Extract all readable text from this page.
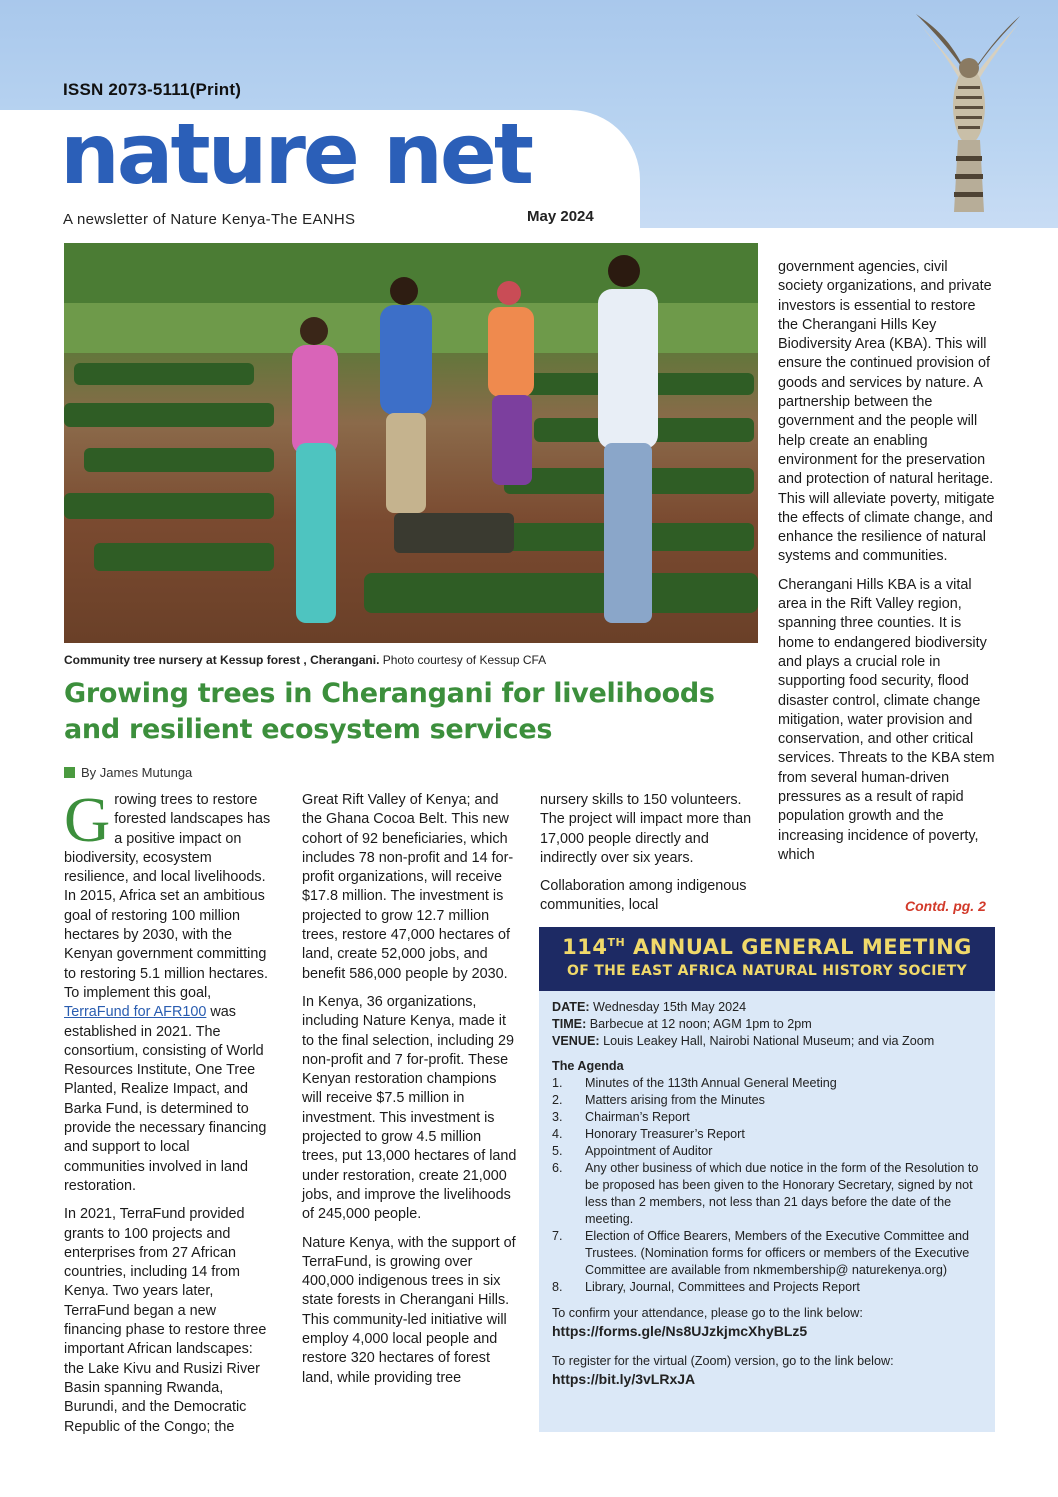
ISSN 2073-5111(Print)
nature net
A newsletter of Nature Kenya-The EANHS	May 2024
Community tree nursery at Kessup forest , Cherangani. Photo courtesy of Kessup CFA
Growing trees in Cherangani for livelihoods and resilient ecosystem services
By James Mutunga

Growing trees to restore forested landscapes has a positive impact on biodiversity, ecosystem resilience, and local livelihoods. In 2015, Africa set an ambitious goal of restoring 100 million hectares by 2030, with the Kenyan government committing to restoring 5.1 million hectares. To implement this goal, TerraFund for AFR100 was established in 2021. The consortium, consisting of World Resources Institute, One Tree Planted, Realize Impact, and Barka Fund, is determined to provide the necessary financing and support to local communities involved in land restoration.

In 2021, TerraFund provided grants to 100 projects and enterprises from 27 African countries, including 14 from Kenya. Two years later, TerraFund began a new financing phase to restore three important African landscapes: the Lake Kivu and Rusizi River Basin spanning Rwanda, Burundi, and the Democratic Republic of the Congo; the

Great Rift Valley of Kenya; and the Ghana Cocoa Belt. This new cohort of 92 beneficiaries, which includes 78 non-profit and 14 for-profit organizations, will receive $17.8 million. The investment is projected to grow 12.7 million trees, restore 47,000 hectares of land, create 52,000 jobs, and benefit 586,000 people by 2030.

In Kenya, 36 organizations, including Nature Kenya, made it to the final selection, including 29 non-profit and 7 for-profit. These Kenyan restoration champions will receive $7.5 million in investment. This investment is projected to grow 4.5 million trees, put 13,000 hectares of land under restoration, create 21,000 jobs, and improve the livelihoods of 245,000 people.

Nature Kenya, with the support of TerraFund, is growing over 400,000 indigenous trees in six state forests in Cherangani Hills. This community-led initiative will employ 4,000 local people and restore 320 hectares of forest land, while providing tree

nursery skills to 150 volunteers. The project will impact more than 17,000 people directly and indirectly over six years.

Collaboration among indigenous communities, local

government agencies, civil society organizations, and private investors is essential to restore the Cherangani Hills Key Biodiversity Area (KBA). This will ensure the continued provision of goods and services by nature. A partnership between the government and the people will help create an enabling environment for the preservation and protection of natural heritage. This will alleviate poverty, mitigate the effects of climate change, and enhance the resilience of natural systems and communities.

Cherangani Hills KBA is a vital area in the Rift Valley region, spanning three counties. It is home to endangered biodiversity and plays a crucial role in supporting food security, flood disaster control, climate change mitigation, water provision and conservation, and other critical services. Threats to the KBA stem from several human-driven pressures as a result of rapid population growth and the increasing incidence of poverty, which

Contd. pg. 2
114TH ANNUAL GENERAL MEETING
OF THE EAST AFRICA NATURAL HISTORY SOCIETY
DATE: Wednesday 15th May 2024
TIME: Barbecue at 12 noon; AGM 1pm to 2pm
VENUE: Louis Leakey Hall, Nairobi National Museum; and via Zoom
The Agenda
1.	Minutes of the 113th Annual General Meeting
2.	Matters arising from the Minutes
3.	Chairman’s Report
4.	Honorary Treasurer’s Report
5.	Appointment of Auditor
6.	Any other business of which due notice in the form of the Resolution to be proposed has been given to the Honorary Secretary, signed by not less than 2 members, not less than 21 days before the date of the meeting.
7.	Election of Office Bearers, Members of the Executive Committee and Trustees. (Nomination forms for officers or members of the Executive Committee are available from nkmembership@ naturekenya.org)
8.	Library, Journal, Committees and Projects Report
To confirm your attendance, please go to the link below:
https://forms.gle/Ns8UJzkjmcXhyBLz5
To register for the virtual (Zoom) version, go to the link below:
https://bit.ly/3vLRxJA
